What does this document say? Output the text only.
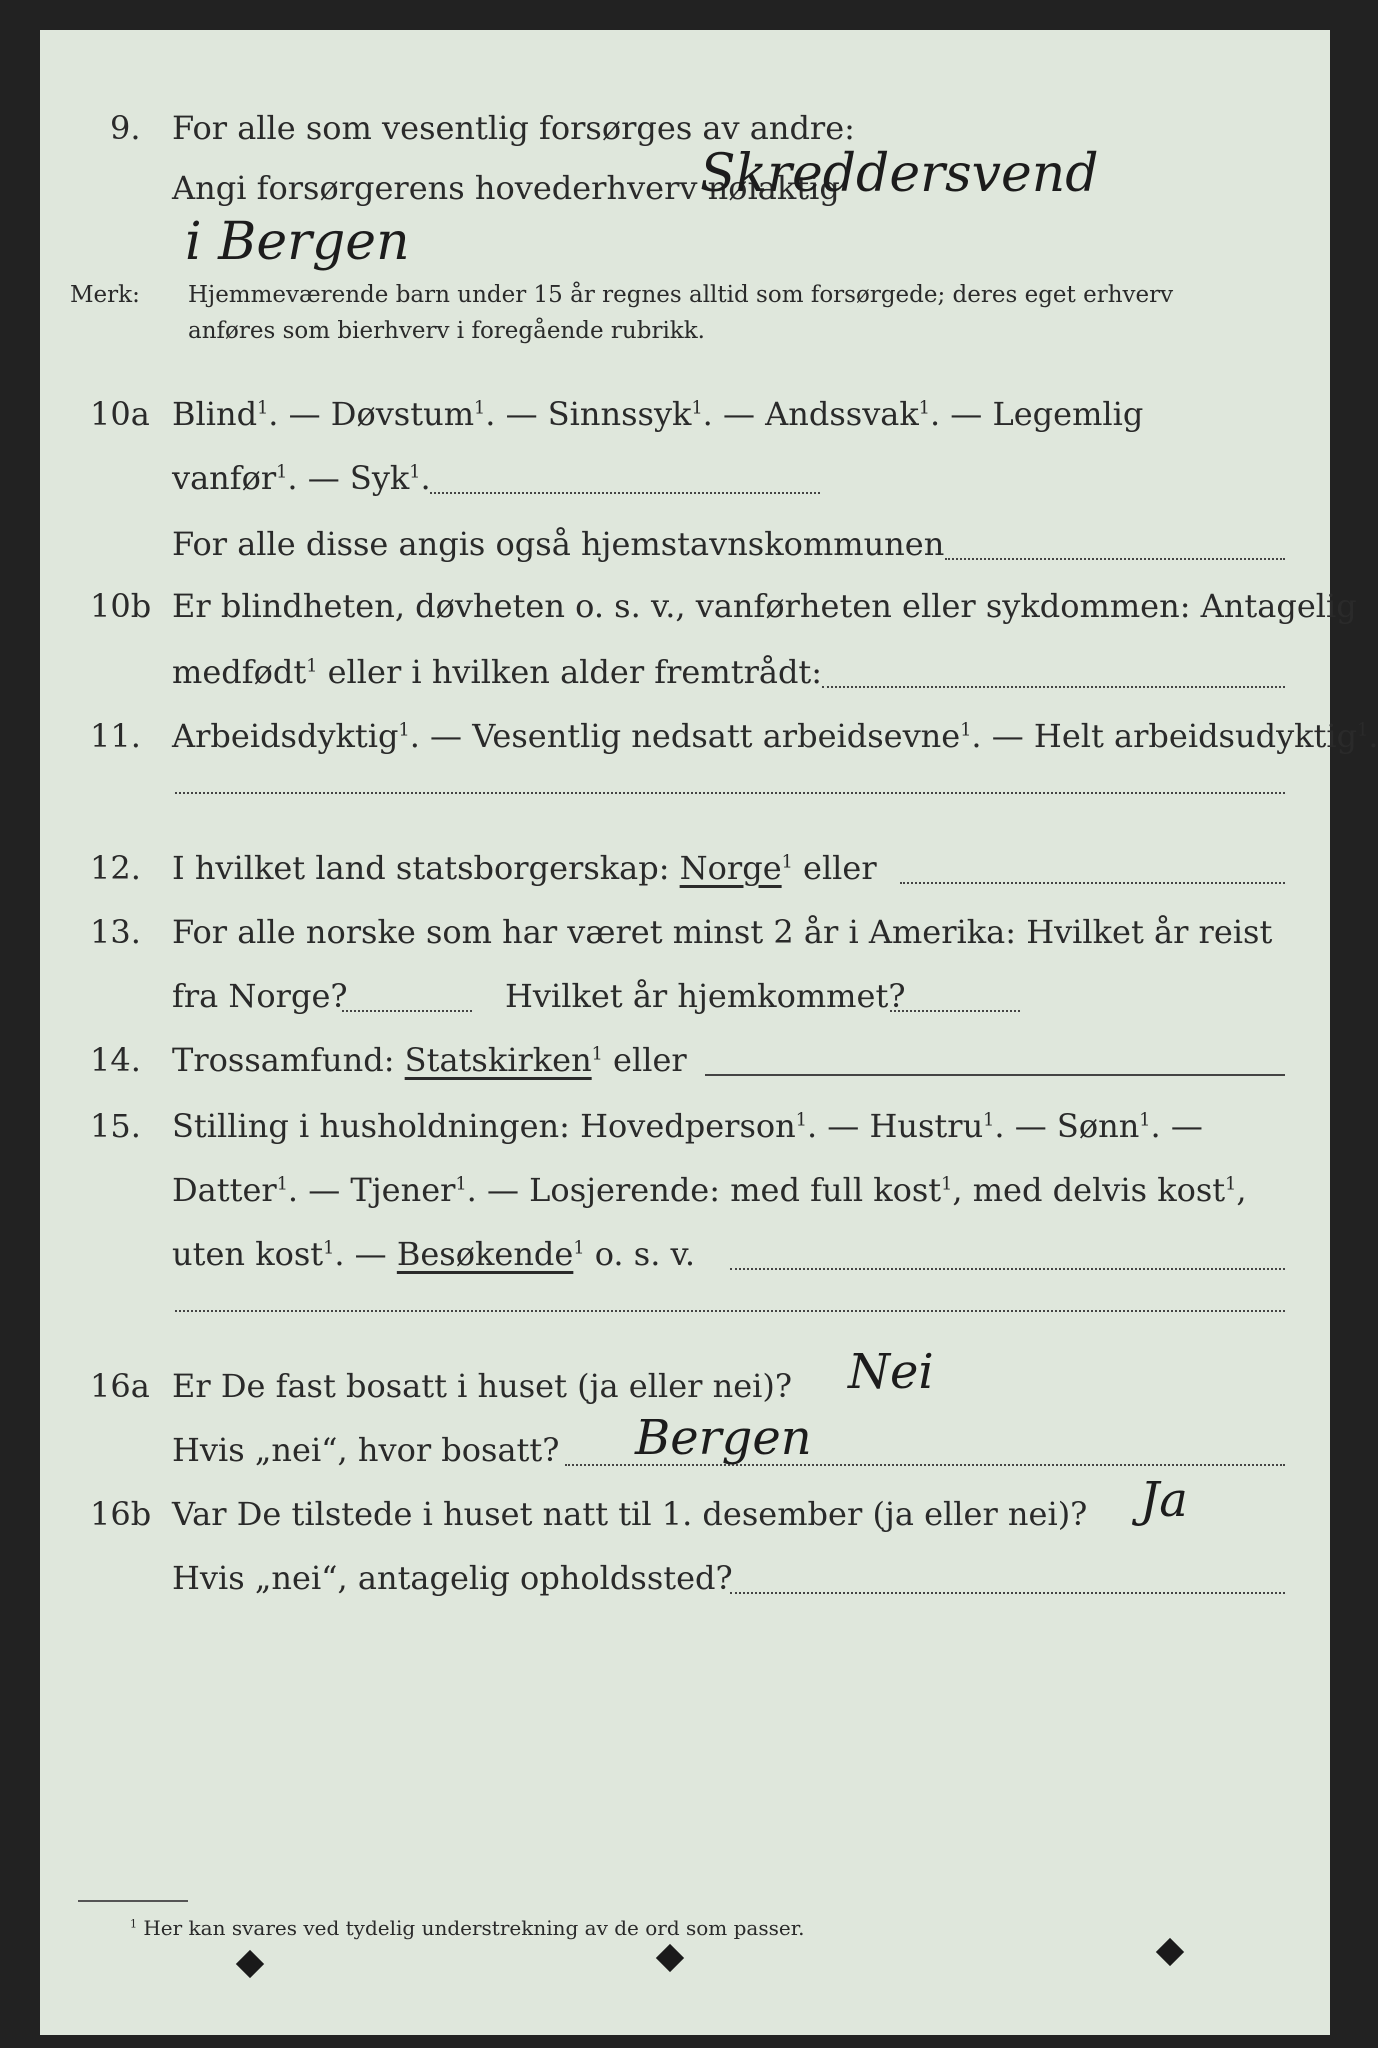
9. For alle som vesentlig forsørges av andre:
Angi forsørgerens hovederhverv nøiaktig
Skreddersvend
i Bergen
Merk: Hjemmeværende barn under 15 år regnes alltid som forsørgede; deres eget erhverv
anføres som bierhverv i foregående rubrikk.
10a Blind$^1$. — Døvstum$^1$. — Sinnssyk$^1$. — Andssvak$^1$. — Legemlig
vanfør$^1$. — Syk$^1$.
For alle disse angis også hjemstavnskommunen
10b Er blindheten, døvheten o. s. v., vanførheten eller sykdommen: Antagelig
medfødt$^1$ eller i hvilken alder fremtrådt:
11. Arbeidsdyktig$^1$. — Vesentlig nedsatt arbeidsevne$^1$. — Helt arbeidsudyktig$^1$.
12. I hvilket land statsborgerskap: Norge$^1$ eller
13. For alle norske som har været minst 2 år i Amerika: Hvilket år reist
fra Norge?	Hvilket år hjemkommet?
14. Trossamfund: Statskirken$^1$ eller
15. Stilling i husholdningen: Hovedperson$^1$. — Hustru$^1$. — Sønn$^1$. —
Datter$^1$. — Tjener$^1$. — Losjerende: med full kost$^1$, med delvis kost$^1$,
uten kost$^1$. — Besøkende$^1$ o. s. v.
16a Er De fast bosatt i huset (ja eller nei)? Nei
Hvis „nei“, hvor bosatt? Bergen
16b Var De tilstede i huset natt til 1. desember (ja eller nei)? Ja
Hvis „nei“, antagelig opholdssted?
$^1$ Her kan svares ved tydelig understrekning av de ord som passer.
